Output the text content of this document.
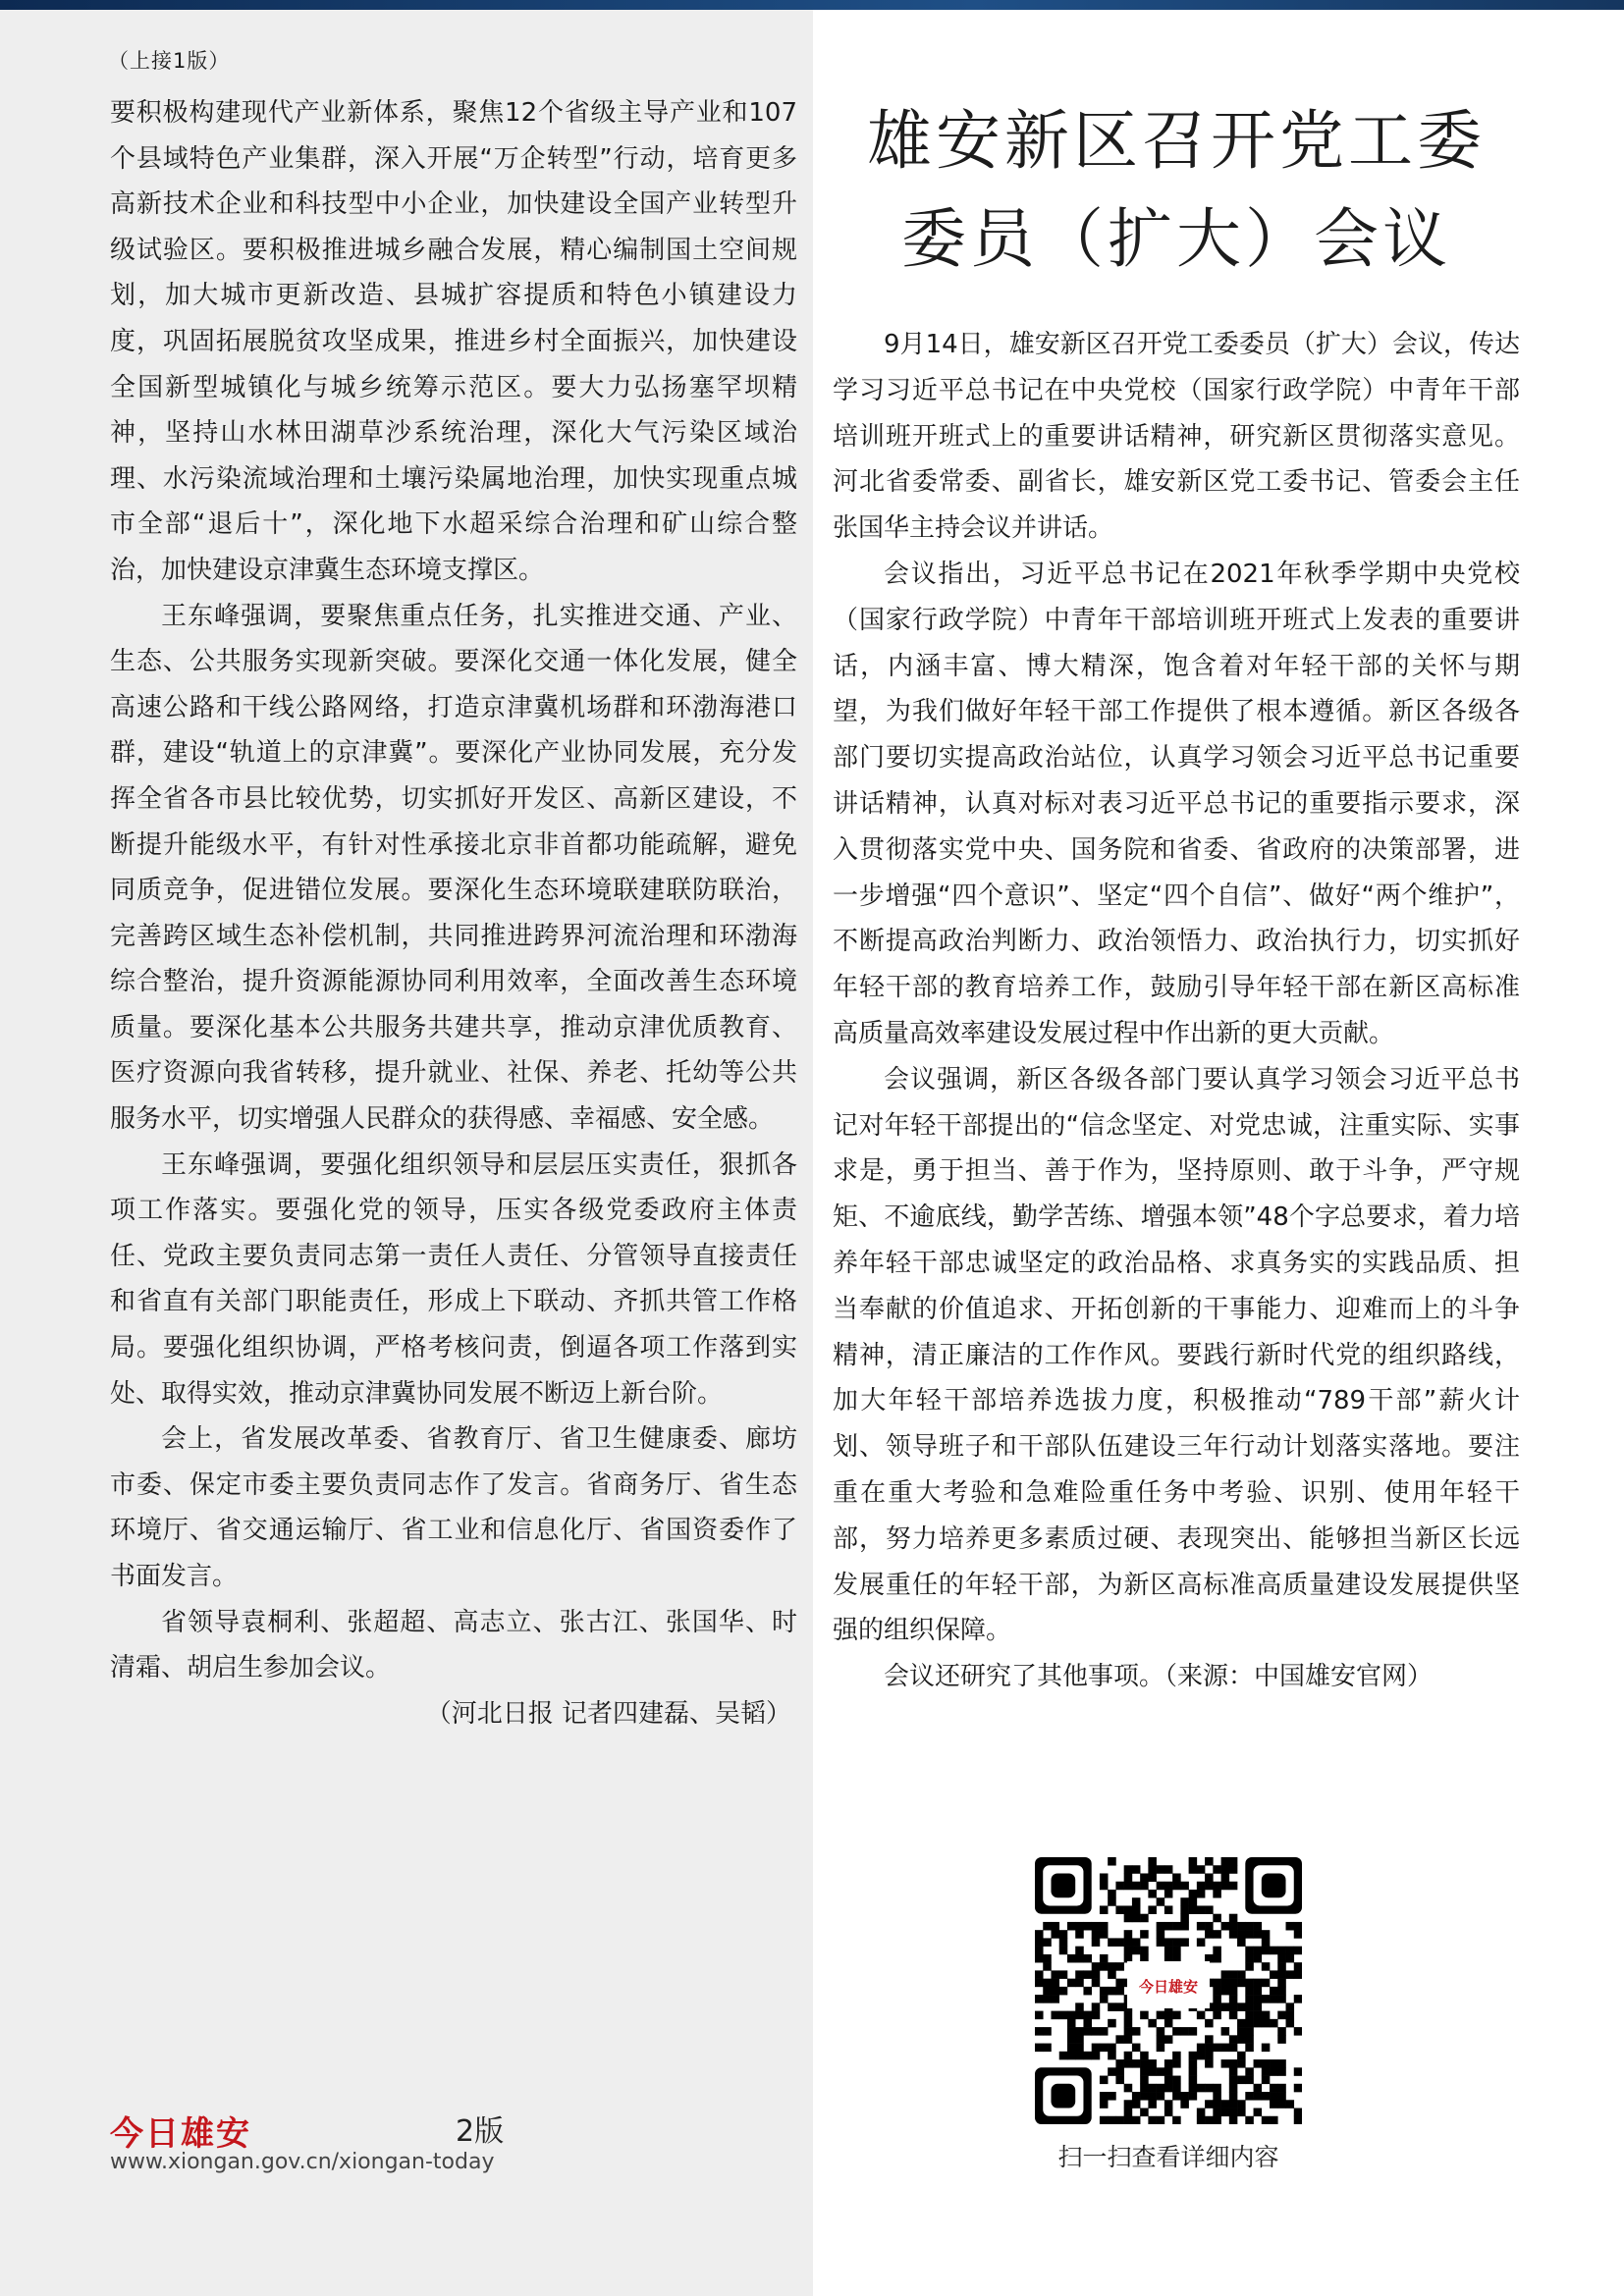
（上接1版）

要积极构建现代产业新体系，聚焦12个省级主导产业和107个县域特色产业集群，深入开展“万企转型”行动，培育更多高新技术企业和科技型中小企业，加快建设全国产业转型升级试验区。要积极推进城乡融合发展，精心编制国土空间规划，加大城市更新改造、县城扩容提质和特色小镇建设力度，巩固拓展脱贫攻坚成果，推进乡村全面振兴，加快建设全国新型城镇化与城乡统筹示范区。要大力弘扬塞罕坝精神，坚持山水林田湖草沙系统治理，深化大气污染区域治理、水污染流域治理和土壤污染属地治理，加快实现重点城市全部“退后十”，深化地下水超采综合治理和矿山综合整治，加快建设京津冀生态环境支撑区。

王东峰强调，要聚焦重点任务，扎实推进交通、产业、生态、公共服务实现新突破。要深化交通一体化发展，健全高速公路和干线公路网络，打造京津冀机场群和环渤海港口群，建设“轨道上的京津冀”。要深化产业协同发展，充分发挥全省各市县比较优势，切实抓好开发区、高新区建设，不断提升能级水平，有针对性承接北京非首都功能疏解，避免同质竞争，促进错位发展。要深化生态环境联建联防联治，完善跨区域生态补偿机制，共同推进跨界河流治理和环渤海综合整治，提升资源能源协同利用效率，全面改善生态环境质量。要深化基本公共服务共建共享，推动京津优质教育、医疗资源向我省转移，提升就业、社保、养老、托幼等公共服务水平，切实增强人民群众的获得感、幸福感、安全感。

王东峰强调，要强化组织领导和层层压实责任，狠抓各项工作落实。要强化党的领导，压实各级党委政府主体责任、党政主要负责同志第一责任人责任、分管领导直接责任和省直有关部门职能责任，形成上下联动、齐抓共管工作格局。要强化组织协调，严格考核问责，倒逼各项工作落到实处、取得实效，推动京津冀协同发展不断迈上新台阶。

会上，省发展改革委、省教育厅、省卫生健康委、廊坊市委、保定市委主要负责同志作了发言。省商务厅、省生态环境厅、省交通运输厅、省工业和信息化厅、省国资委作了书面发言。

省领导袁桐利、张超超、高志立、张古江、张国华、时清霜、胡启生参加会议。

（河北日报 记者四建磊、吴韬）

雄安新区召开党工委
委员（扩大）会议

9月14日，雄安新区召开党工委委员（扩大）会议，传达学习习近平总书记在中央党校（国家行政学院）中青年干部培训班开班式上的重要讲话精神，研究新区贯彻落实意见。河北省委常委、副省长，雄安新区党工委书记、管委会主任张国华主持会议并讲话。

会议指出，习近平总书记在2021年秋季学期中央党校（国家行政学院）中青年干部培训班开班式上发表的重要讲话，内涵丰富、博大精深，饱含着对年轻干部的关怀与期望，为我们做好年轻干部工作提供了根本遵循。新区各级各部门要切实提高政治站位，认真学习领会习近平总书记重要讲话精神，认真对标对表习近平总书记的重要指示要求，深入贯彻落实党中央、国务院和省委、省政府的决策部署，进一步增强“四个意识”、坚定“四个自信”、做好“两个维护”，不断提高政治判断力、政治领悟力、政治执行力，切实抓好年轻干部的教育培养工作，鼓励引导年轻干部在新区高标准高质量高效率建设发展过程中作出新的更大贡献。

会议强调，新区各级各部门要认真学习领会习近平总书记对年轻干部提出的“信念坚定、对党忠诚，注重实际、实事求是，勇于担当、善于作为，坚持原则、敢于斗争，严守规矩、不逾底线，勤学苦练、增强本领”48个字总要求，着力培养年轻干部忠诚坚定的政治品格、求真务实的实践品质、担当奉献的价值追求、开拓创新的干事能力、迎难而上的斗争精神，清正廉洁的工作作风。要践行新时代党的组织路线，加大年轻干部培养选拔力度，积极推动“789干部”薪火计划、领导班子和干部队伍建设三年行动计划落实落地。要注重在重大考验和急难险重任务中考验、识别、使用年轻干部，努力培养更多素质过硬、表现突出、能够担当新区长远发展重任的年轻干部，为新区高标准高质量建设发展提供坚强的组织保障。

会议还研究了其他事项。（来源：中国雄安官网）

今日雄安
扫一扫查看详细内容
今日雄安	2版
www.xiongan.gov.cn/xiongan-today
